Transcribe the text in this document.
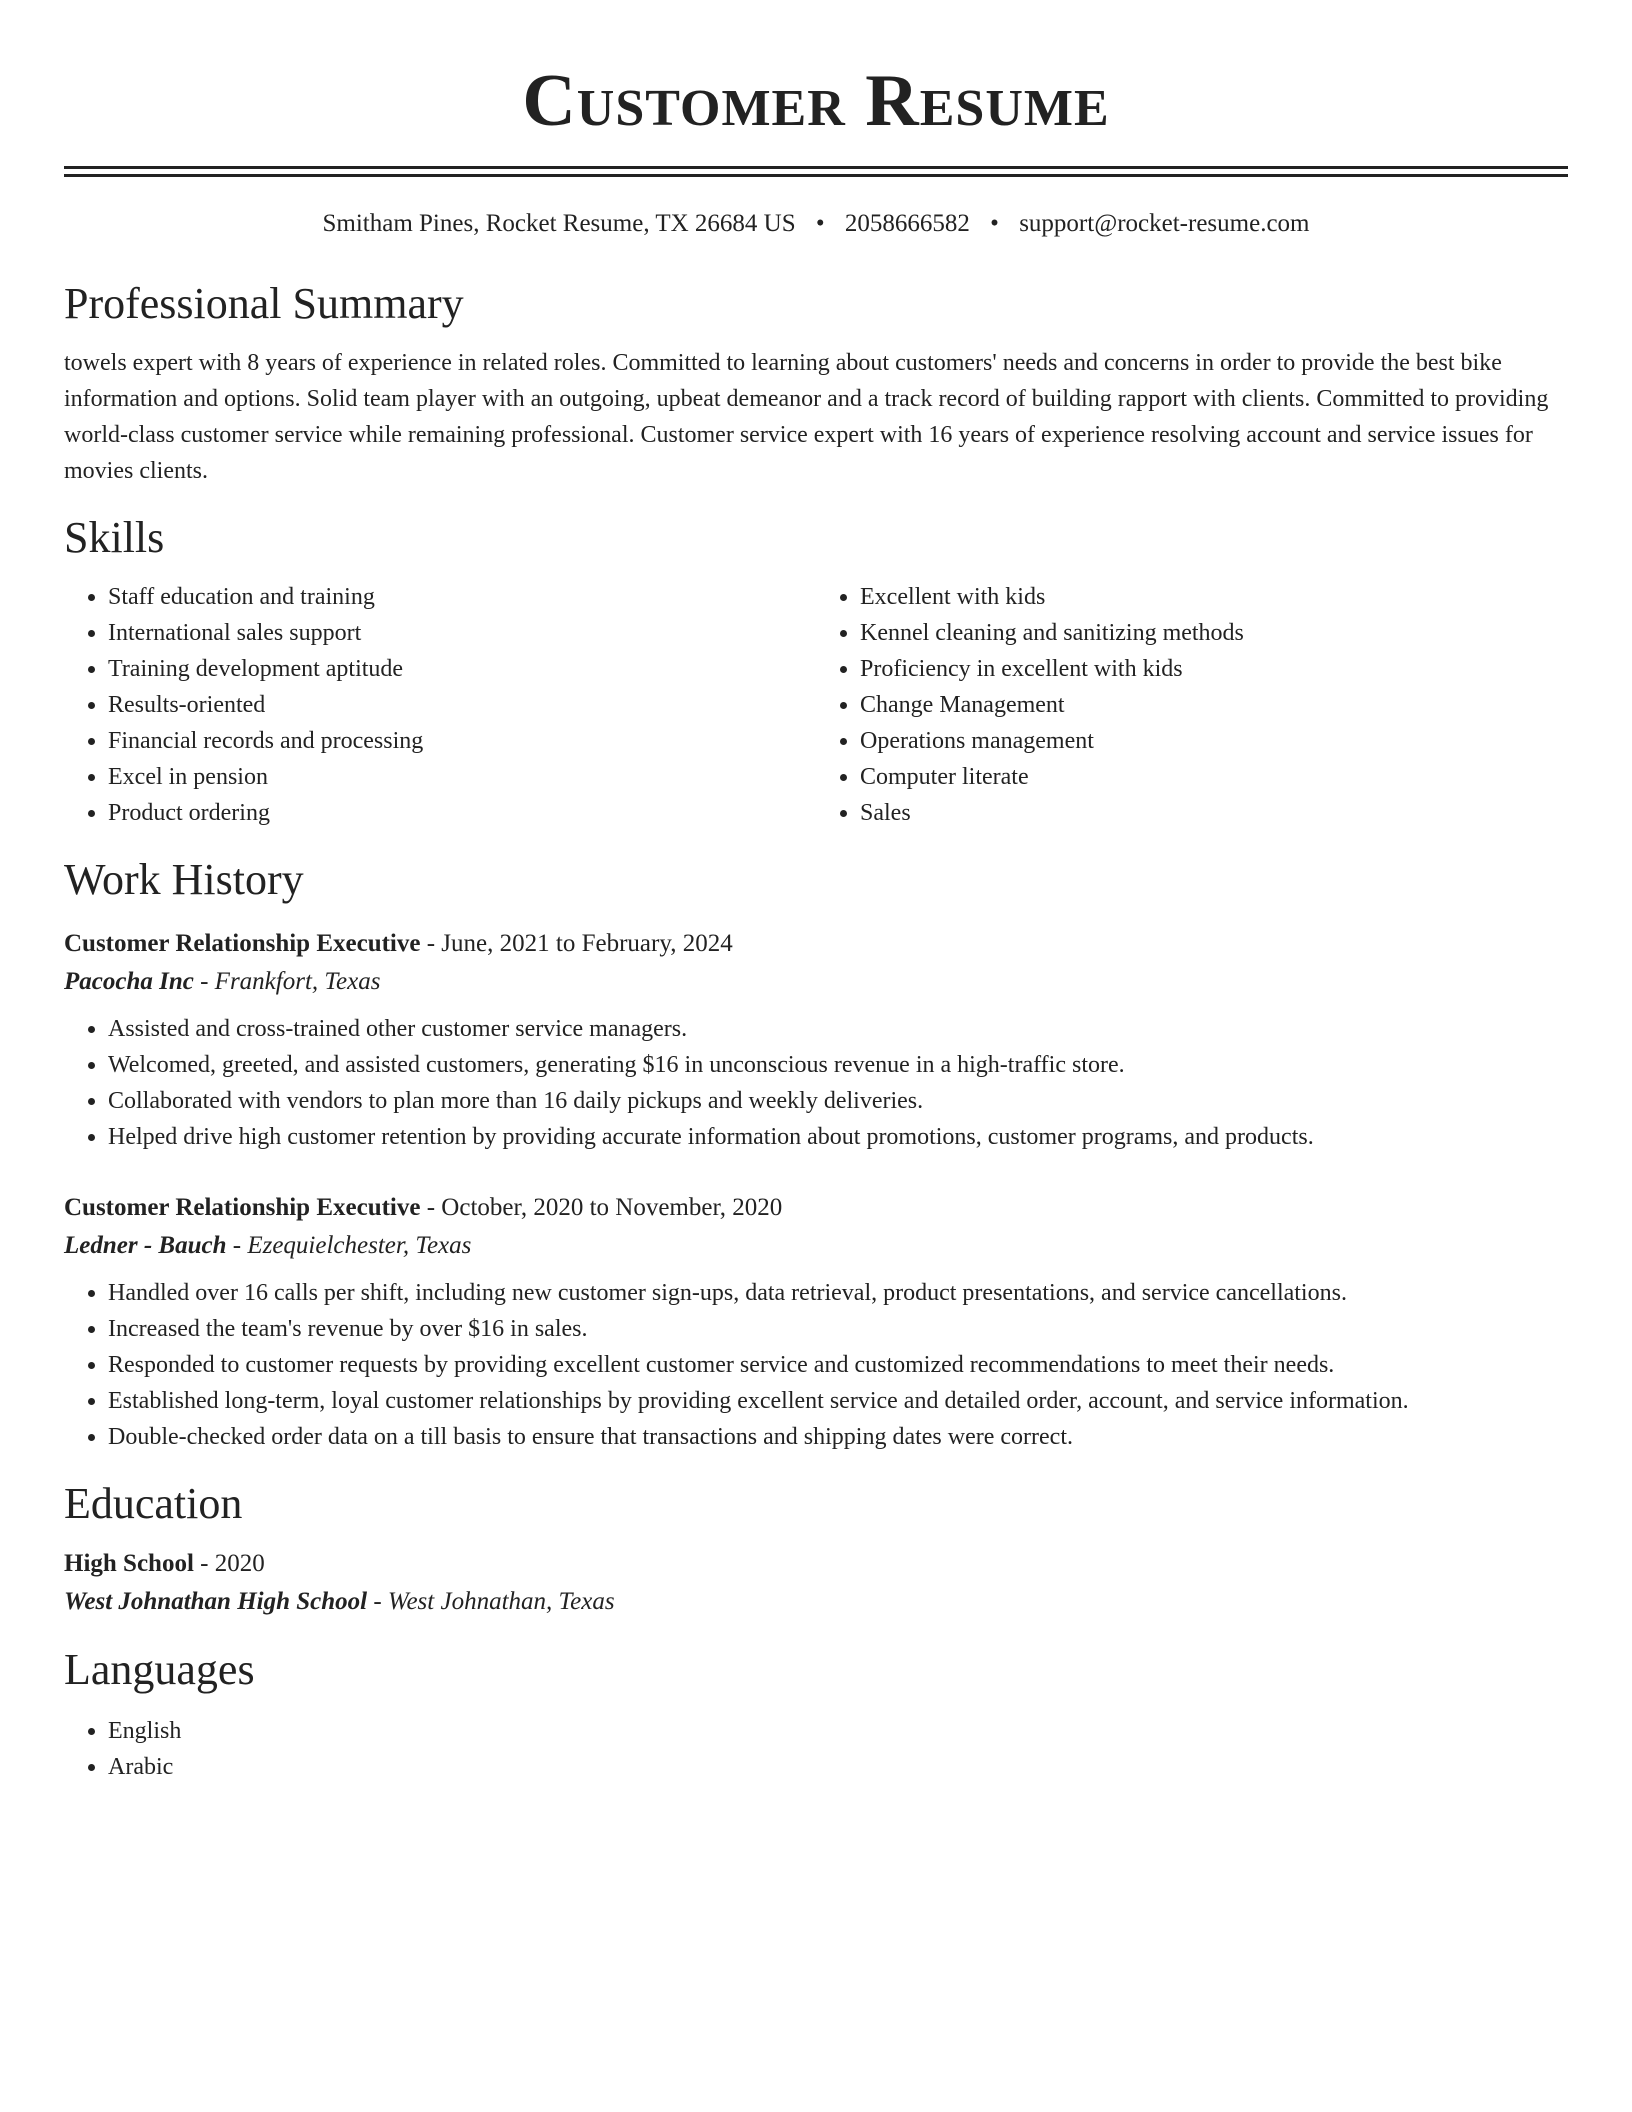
Customer Resume
Smitham Pines, Rocket Resume, TX 26684 US • 2058666582 • support@rocket-resume.com
Professional Summary

towels expert with 8 years of experience in related roles. Committed to learning about customers' needs and concerns in order to provide the best bike information and options. Solid team player with an outgoing, upbeat demeanor and a track record of building rapport with clients. Committed to providing world-class customer service while remaining professional. Customer service expert with 16 years of experience resolving account and service issues for movies clients.

Skills
• Staff education and training
• International sales support
• Training development aptitude
• Results-oriented
• Financial records and processing
• Excel in pension
• Product ordering
• Excellent with kids
• Kennel cleaning and sanitizing methods
• Proficiency in excellent with kids
• Change Management
• Operations management
• Computer literate
• Sales
Work History
Customer Relationship Executive - June, 2021 to February, 2024
Pacocha Inc - Frankfort, Texas
• Assisted and cross-trained other customer service managers.
• Welcomed, greeted, and assisted customers, generating $16 in unconscious revenue in a high-traffic store.
• Collaborated with vendors to plan more than 16 daily pickups and weekly deliveries.
• Helped drive high customer retention by providing accurate information about promotions, customer programs, and products.
Customer Relationship Executive - October, 2020 to November, 2020
Ledner - Bauch - Ezequielchester, Texas
• Handled over 16 calls per shift, including new customer sign-ups, data retrieval, product presentations, and service cancellations.
• Increased the team's revenue by over $16 in sales.
• Responded to customer requests by providing excellent customer service and customized recommendations to meet their needs.
• Established long-term, loyal customer relationships by providing excellent service and detailed order, account, and service information.
• Double-checked order data on a till basis to ensure that transactions and shipping dates were correct.
Education
High School - 2020
West Johnathan High School - West Johnathan, Texas
Languages
• English
• Arabic
